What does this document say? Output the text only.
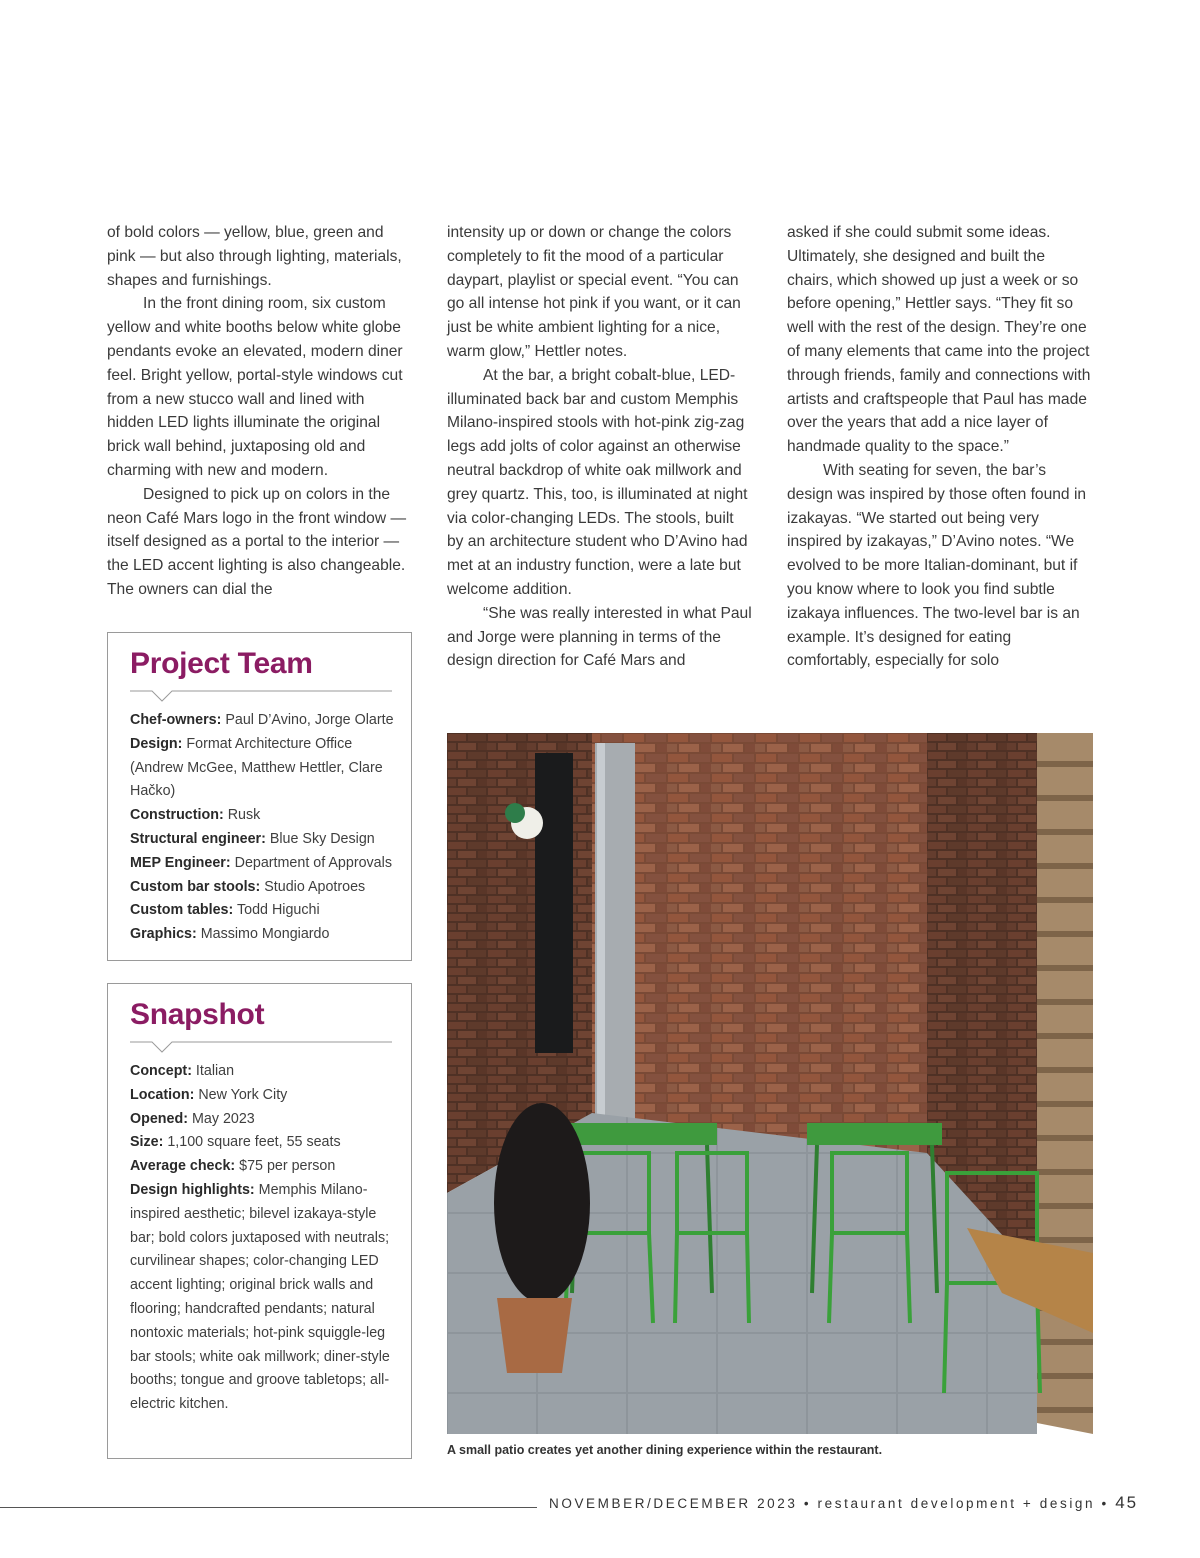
of bold colors — yellow, blue, green and pink — but also through lighting, materials, shapes and furnishings.

In the front dining room, six custom yellow and white booths below white globe pendants evoke an elevated, modern diner feel. Bright yellow, portal-style windows cut from a new stucco wall and lined with hidden LED lights illuminate the original brick wall behind, juxtaposing old and charming with new and modern.

Designed to pick up on colors in the neon Café Mars logo in the front window — itself designed as a portal to the interior — the LED accent lighting is also changeable. The owners can dial the

intensity up or down or change the colors completely to fit the mood of a particular daypart, playlist or special event. “You can go all intense hot pink if you want, or it can just be white ambient lighting for a nice, warm glow,” Hettler notes.

At the bar, a bright cobalt-blue, LED-illuminated back bar and custom Memphis Milano-inspired stools with hot-pink zig-zag legs add jolts of color against an otherwise neutral backdrop of white oak millwork and grey quartz. This, too, is illuminated at night via color-changing LEDs. The stools, built by an architecture student who D’Avino had met at an industry function, were a late but welcome addition.

“She was really interested in what Paul and Jorge were planning in terms of the design direction for Café Mars and

asked if she could submit some ideas. Ultimately, she designed and built the chairs, which showed up just a week or so before opening,” Hettler says. “They fit so well with the rest of the design. They’re one of many elements that came into the project through friends, family and connections with artists and craftspeople that Paul has made over the years that add a nice layer of handmade quality to the space.”

With seating for seven, the bar’s design was inspired by those often found in izakayas. “We started out being very inspired by izakayas,” D’Avino notes. “We evolved to be more Italian-dominant, but if you know where to look you find subtle izakaya influences. The two-level bar is an example. It’s designed for eating comfortably, especially for solo

Project Team
Chef-owners: Paul D’Avino, Jorge Olarte
Design: Format Architecture Office (Andrew McGee, Matthew Hettler, Clare Hačko)
Construction: Rusk
Structural engineer: Blue Sky Design
MEP Engineer: Department of Approvals
Custom bar stools: Studio Apotroes
Custom tables: Todd Higuchi
Graphics: Massimo Mongiardo
Snapshot
Concept: Italian
Location: New York City
Opened: May 2023
Size: 1,100 square feet, 55 seats
Average check: $75 per person
Design highlights: Memphis Milano-inspired aesthetic; bilevel izakaya-style bar; bold colors juxtaposed with neutrals; curvilinear shapes; color-changing LED accent lighting; original brick walls and flooring; handcrafted pendants; natural nontoxic materials; hot-pink squiggle-leg bar stools; white oak millwork; diner-style booths; tongue and groove tabletops; all-electric kitchen.
A small patio creates yet another dining experience within the restaurant.
NOVEMBER/DECEMBER 2023 • restaurant development + design • 45
